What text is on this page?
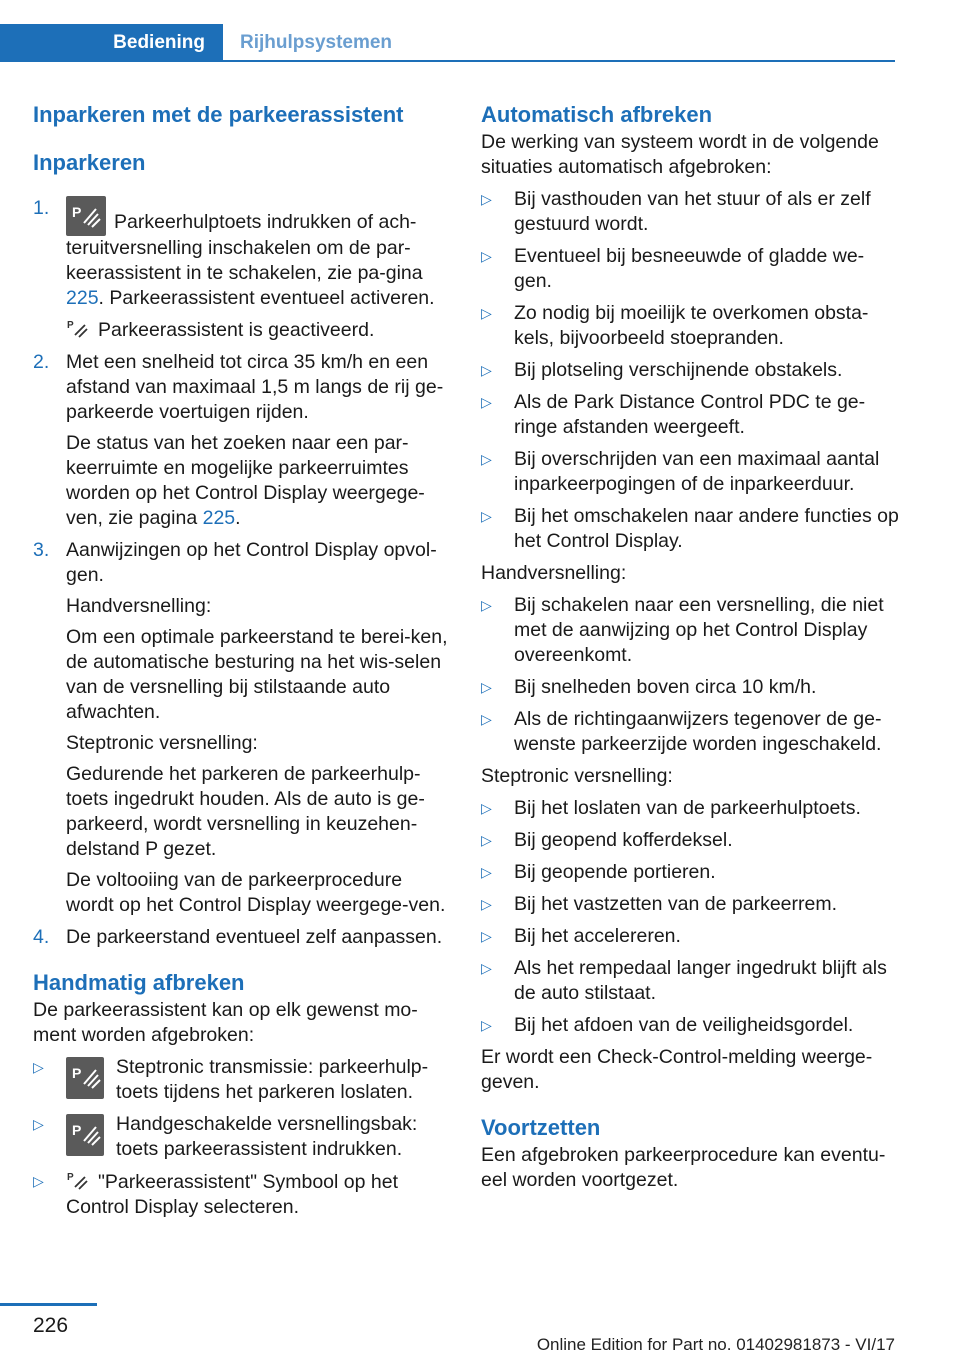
Bediening	Rijhulpsystemen
Inparkeren met de parkeerassistent
Inparkeren
1.	P Parkeerhulptoets indrukken of ach-teruitversnelling inschakelen om de par-keerassistent in te schakelen, zie pa-gina 225. Parkeerassistent eventueel activeren.

P Parkeerassistent is geactiveerd.

2. Met een snelheid tot circa 35 km/h en een afstand van maximaal 1,5 m langs de rij ge-parkeerde voertuigen rijden.

De status van het zoeken naar een par-keerruimte en mogelijke parkeerruimtes worden op het Control Display weergege-ven, zie pagina 225.

3. Aanwijzingen op het Control Display opvol-gen.

Handversnelling:

Om een optimale parkeerstand te berei-ken, de automatische besturing na het wis-selen van de versnelling bij stilstaande auto afwachten.

Steptronic versnelling:

Gedurende het parkeren de parkeerhulp-toets ingedrukt houden. Als de auto is ge-parkeerd, wordt versnelling in keuzehen-delstand P gezet.

De voltooiing van de parkeerprocedure wordt op het Control Display weergege-ven.

4. De parkeerstand eventueel zelf aanpassen.

Handmatig afbreken

De parkeerassistent kan op elk gewenst mo-ment worden afgebroken:

▷	P Steptronic transmissie: parkeerhulp-toets tijdens het parkeren loslaten.
▷	P Handgeschakelde versnellingsbak: toets parkeerassistent indrukken.
▷	P "Parkeerassistent" Symbool op het Control Display selecteren.
Automatisch afbreken

De werking van systeem wordt in de volgende situaties automatisch afgebroken:

▷	Bij vasthouden van het stuur of als er zelf gestuurd wordt.
▷	Eventueel bij besneeuwde of gladde we-gen.
▷	Zo nodig bij moeilijk te overkomen obsta-kels, bijvoorbeeld stoepranden.
▷	Bij plotseling verschijnende obstakels.
▷	Als de Park Distance Control PDC te ge-ringe afstanden weergeeft.
▷	Bij overschrijden van een maximaal aantal inparkeerpogingen of de inparkeerduur.
▷	Bij het omschakelen naar andere functies op het Control Display.

Handversnelling:

▷	Bij schakelen naar een versnelling, die niet met de aanwijzing op het Control Display overeenkomt.
▷	Bij snelheden boven circa 10 km/h.
▷	Als de richtingaanwijzers tegenover de ge-wenste parkeerzijde worden ingeschakeld.

Steptronic versnelling:

▷	Bij het loslaten van de parkeerhulptoets.
▷	Bij geopend kofferdeksel.
▷	Bij geopende portieren.
▷	Bij het vastzetten van de parkeerrem.
▷	Bij het accelereren.
▷	Als het rempedaal langer ingedrukt blijft als de auto stilstaat.
▷	Bij het afdoen van de veiligheidsgordel.

Er wordt een Check-Control-melding weerge-geven.

Voortzetten

Een afgebroken parkeerprocedure kan eventu-eel worden voortgezet.

226
Online Edition for Part no. 01402981873 - VI/17
